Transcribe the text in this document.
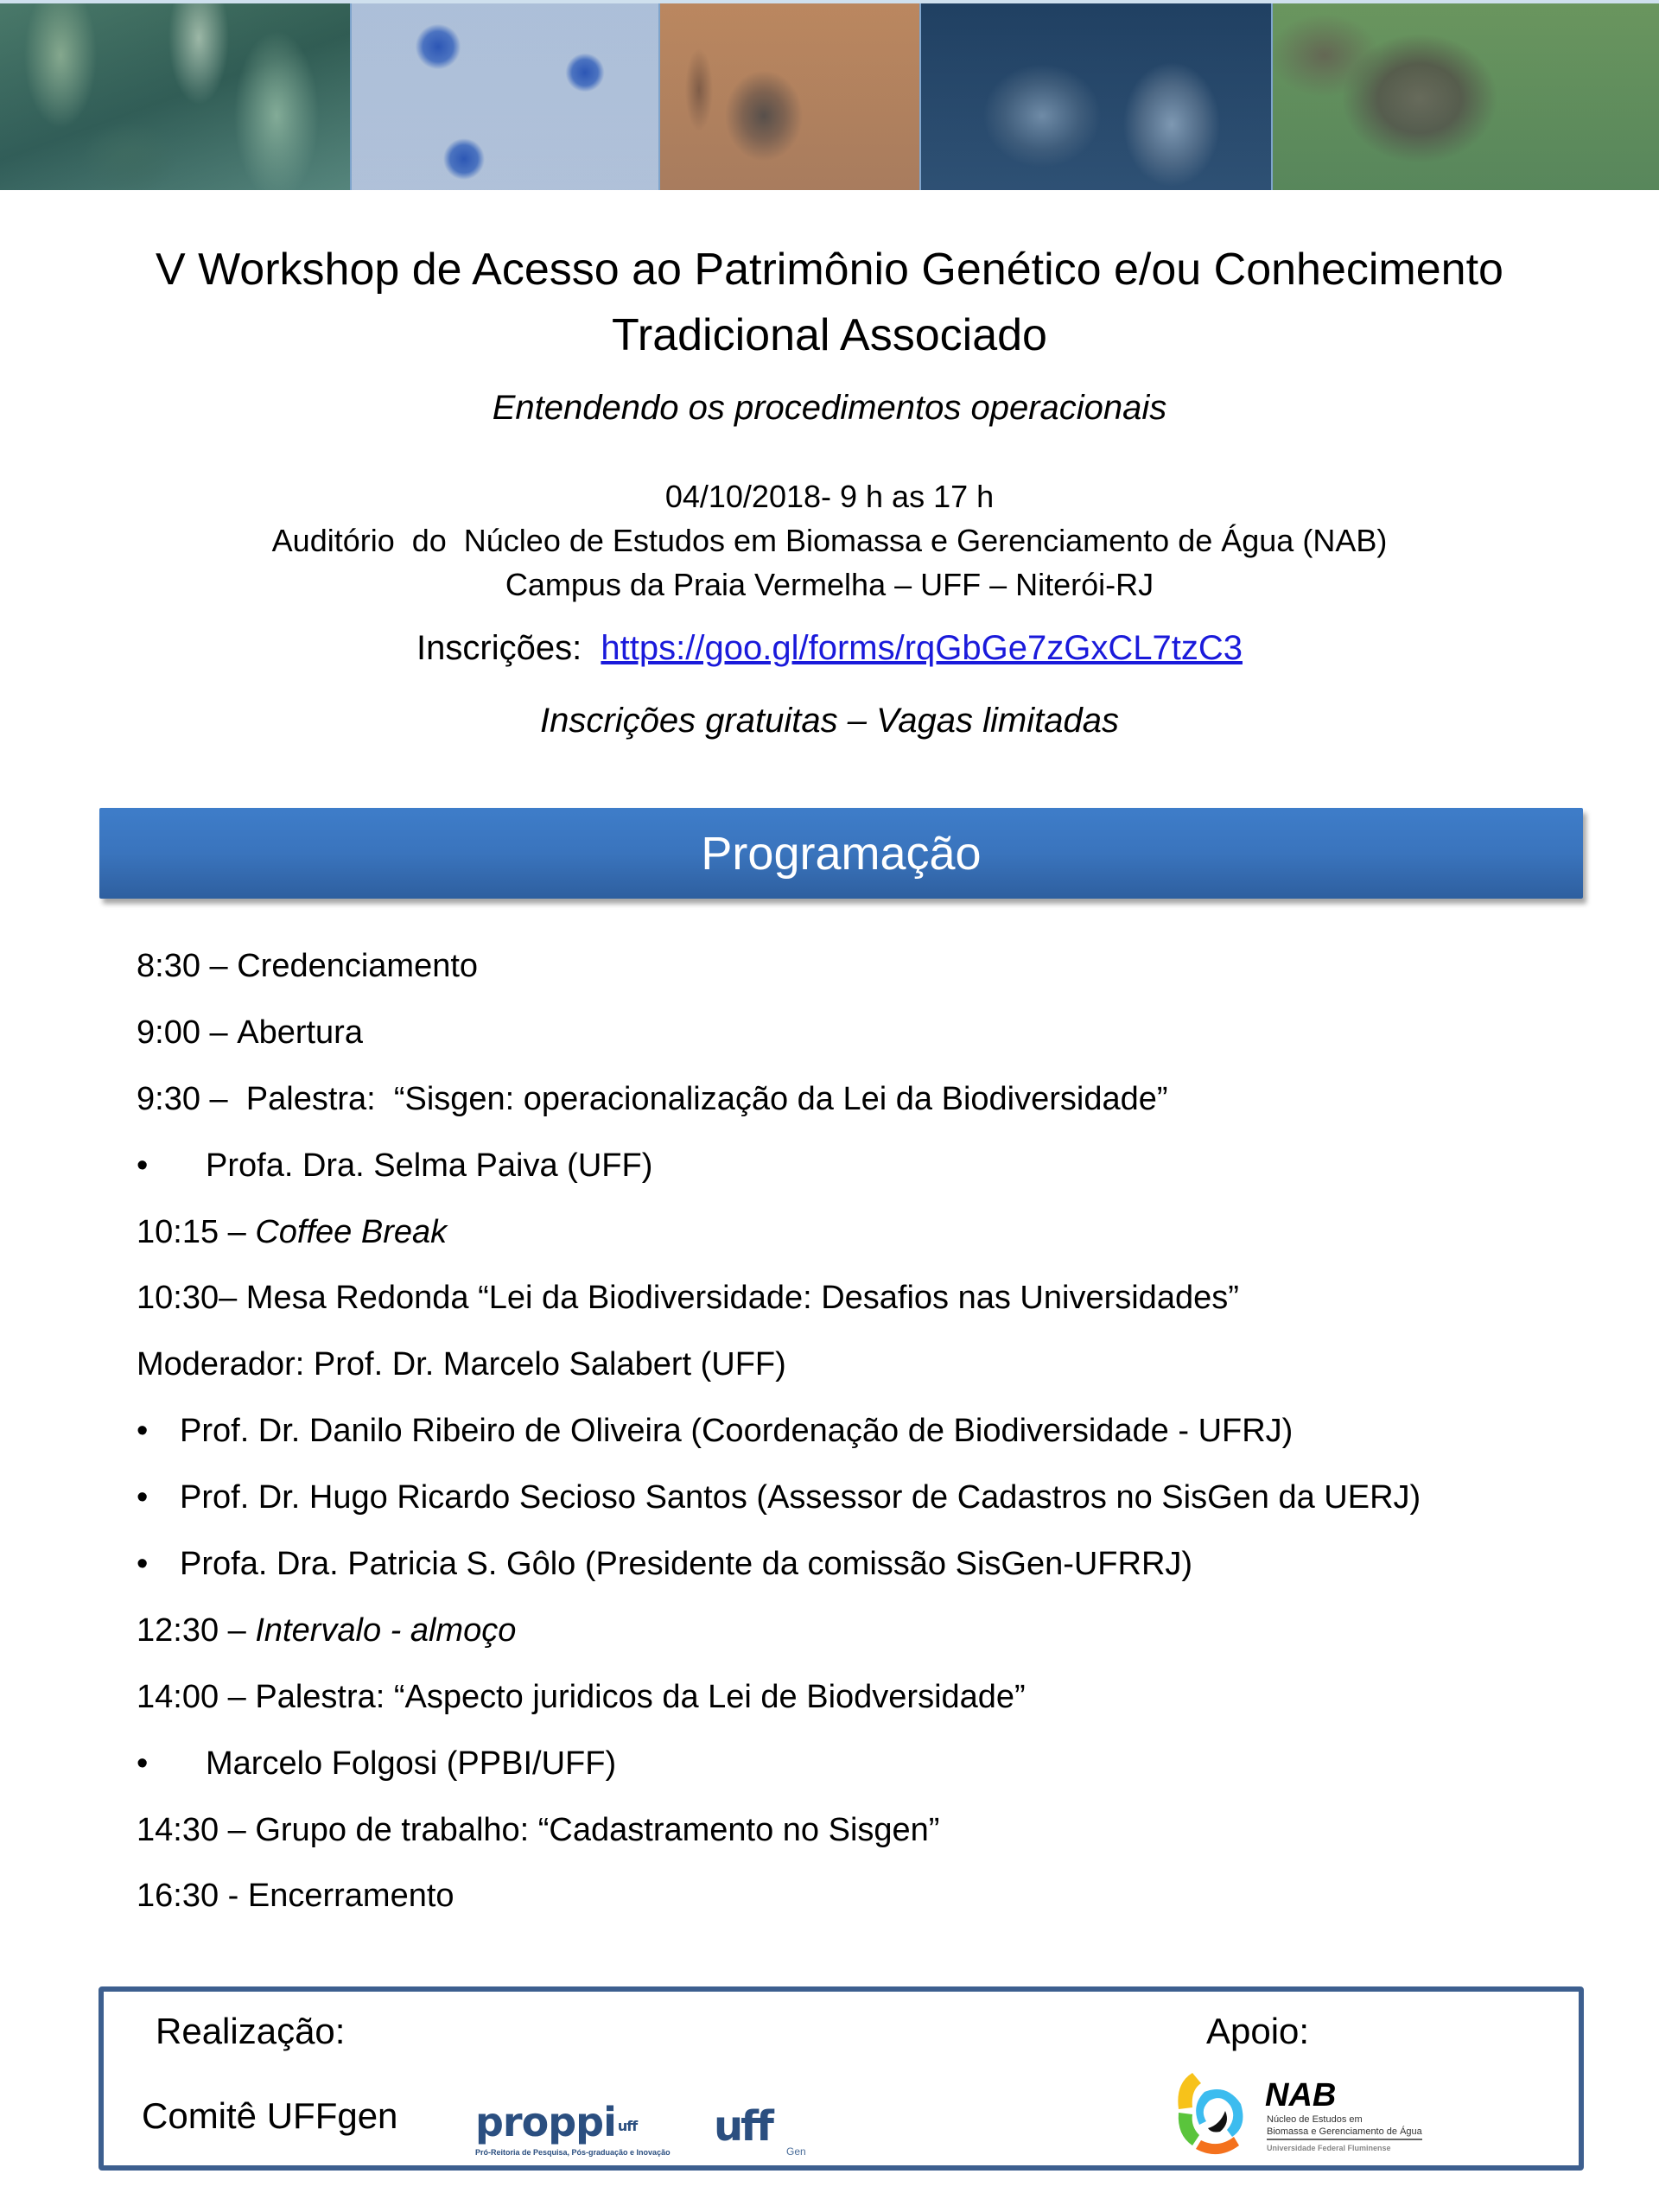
V Workshop de Acesso ao Patrimônio Genético e/ou Conhecimento
Tradicional Associado
Entendendo os procedimentos operacionais
04/10/2018- 9 h as 17 h
Auditório  do  Núcleo de Estudos em Biomassa e Gerenciamento de Água (NAB)
Campus da Praia Vermelha – UFF – Niterói-RJ
Inscrições: https://goo.gl/forms/rqGbGe7zGxCL7tzC3
Inscrições gratuitas – Vagas limitadas
Programação
8:30 – Credenciamento
9:00 – Abertura
9:30 – Palestra:  “Sisgen: operacionalização da Lei da Biodiversidade”
•	Profa. Dra. Selma Paiva (UFF)
10:15 – Coffee Break
10:30– Mesa Redonda “Lei da Biodiversidade: Desafios nas Universidades”
Moderador: Prof. Dr. Marcelo Salabert (UFF)
• Prof. Dr. Danilo Ribeiro de Oliveira (Coordenação de Biodiversidade - UFRJ)
• Prof. Dr. Hugo Ricardo Secioso Santos (Assessor de Cadastros no SisGen da UERJ)
• Profa. Dra. Patricia S. Gôlo (Presidente da comissão SisGen-UFRRJ)
12:30 – Intervalo - almoço
14:00 – Palestra: “Aspecto juridicos da Lei de Biodversidade”
•	Marcelo Folgosi (PPBI/UFF)
14:30 – Grupo de trabalho: “Cadastramento no Sisgen”
16:30 - Encerramento
Realização:
Comitê UFFgen
Apoio:
proppi uff
Pró-Reitoria de Pesquisa, Pós-graduação e Inovação
uff
Gen
NAB
Núcleo de Estudos em
Biomassa e Gerenciamento de Água
Universidade Federal Fluminense
